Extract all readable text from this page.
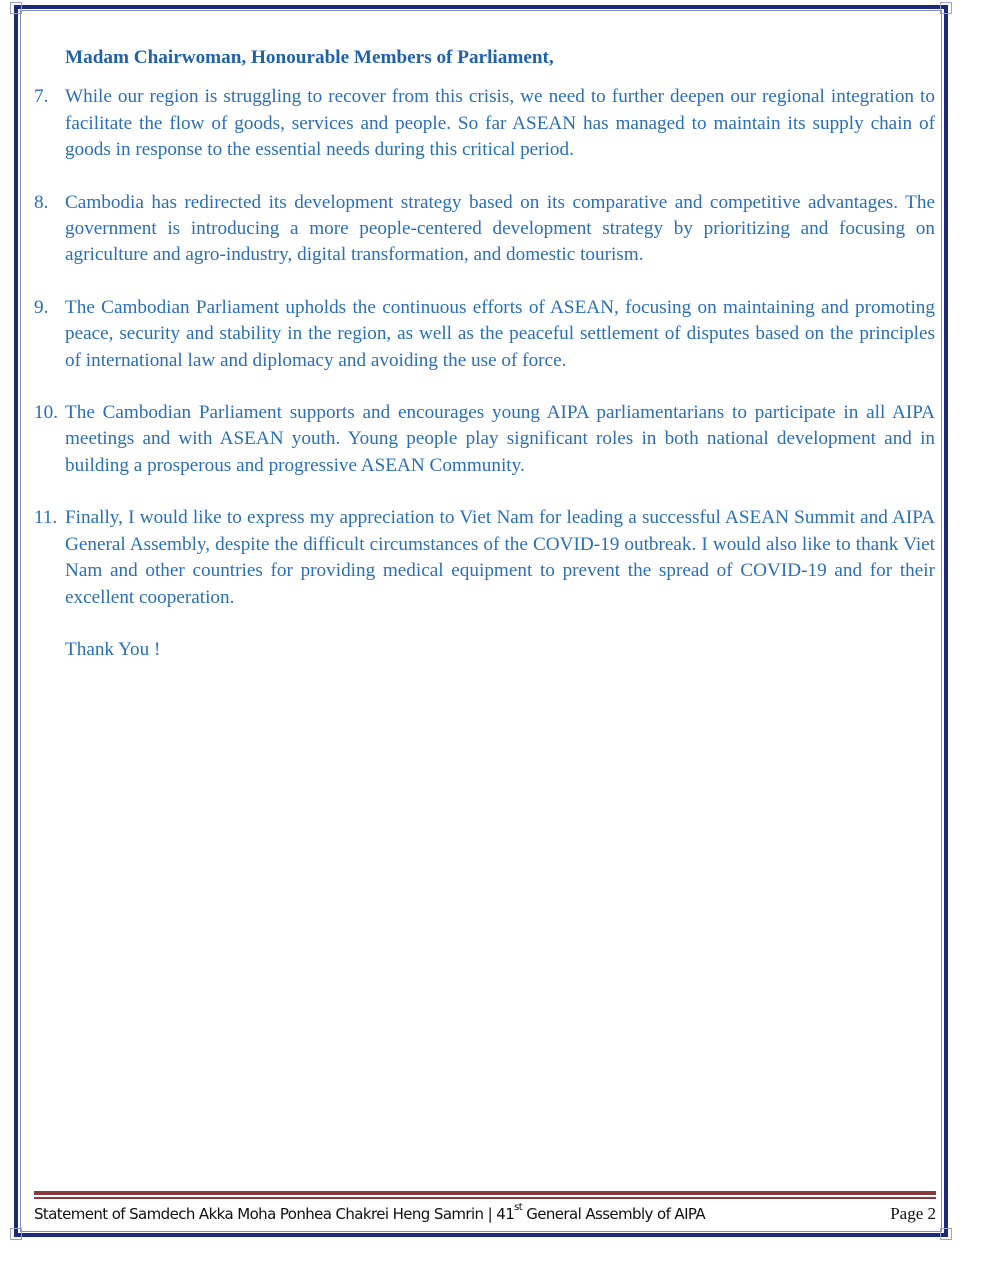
Madam Chairwoman, Honourable Members of Parliament,

7. While our region is struggling to recover from this crisis, we need to further deepen our regional integration to facilitate the flow of goods, services and people. So far ASEAN has managed to maintain its supply chain of goods in response to the essential needs during this critical period.
8. Cambodia has redirected its development strategy based on its comparative and competitive advantages. The government is introducing a more people-centered development strategy by prioritizing and focusing on agriculture and agro-industry, digital transformation, and domestic tourism.
9. The Cambodian Parliament upholds the continuous efforts of ASEAN, focusing on maintaining and promoting peace, security and stability in the region, as well as the peaceful settlement of disputes based on the principles of international law and diplomacy and avoiding the use of force.
10. The Cambodian Parliament supports and encourages young AIPA parliamentarians to participate in all AIPA meetings and with ASEAN youth. Young people play significant roles in both national development and in building a prosperous and progressive ASEAN Community.
11. Finally, I would like to express my appreciation to Viet Nam for leading a successful ASEAN Summit and AIPA General Assembly, despite the difficult circumstances of the COVID-19 outbreak. I would also like to thank Viet Nam and other countries for providing medical equipment to prevent the spread of COVID-19 and for their excellent cooperation.

Thank You !

Statement of Samdech Akka Moha Ponhea Chakrei Heng Samrin | 41st General Assembly of AIPA	Page 2
